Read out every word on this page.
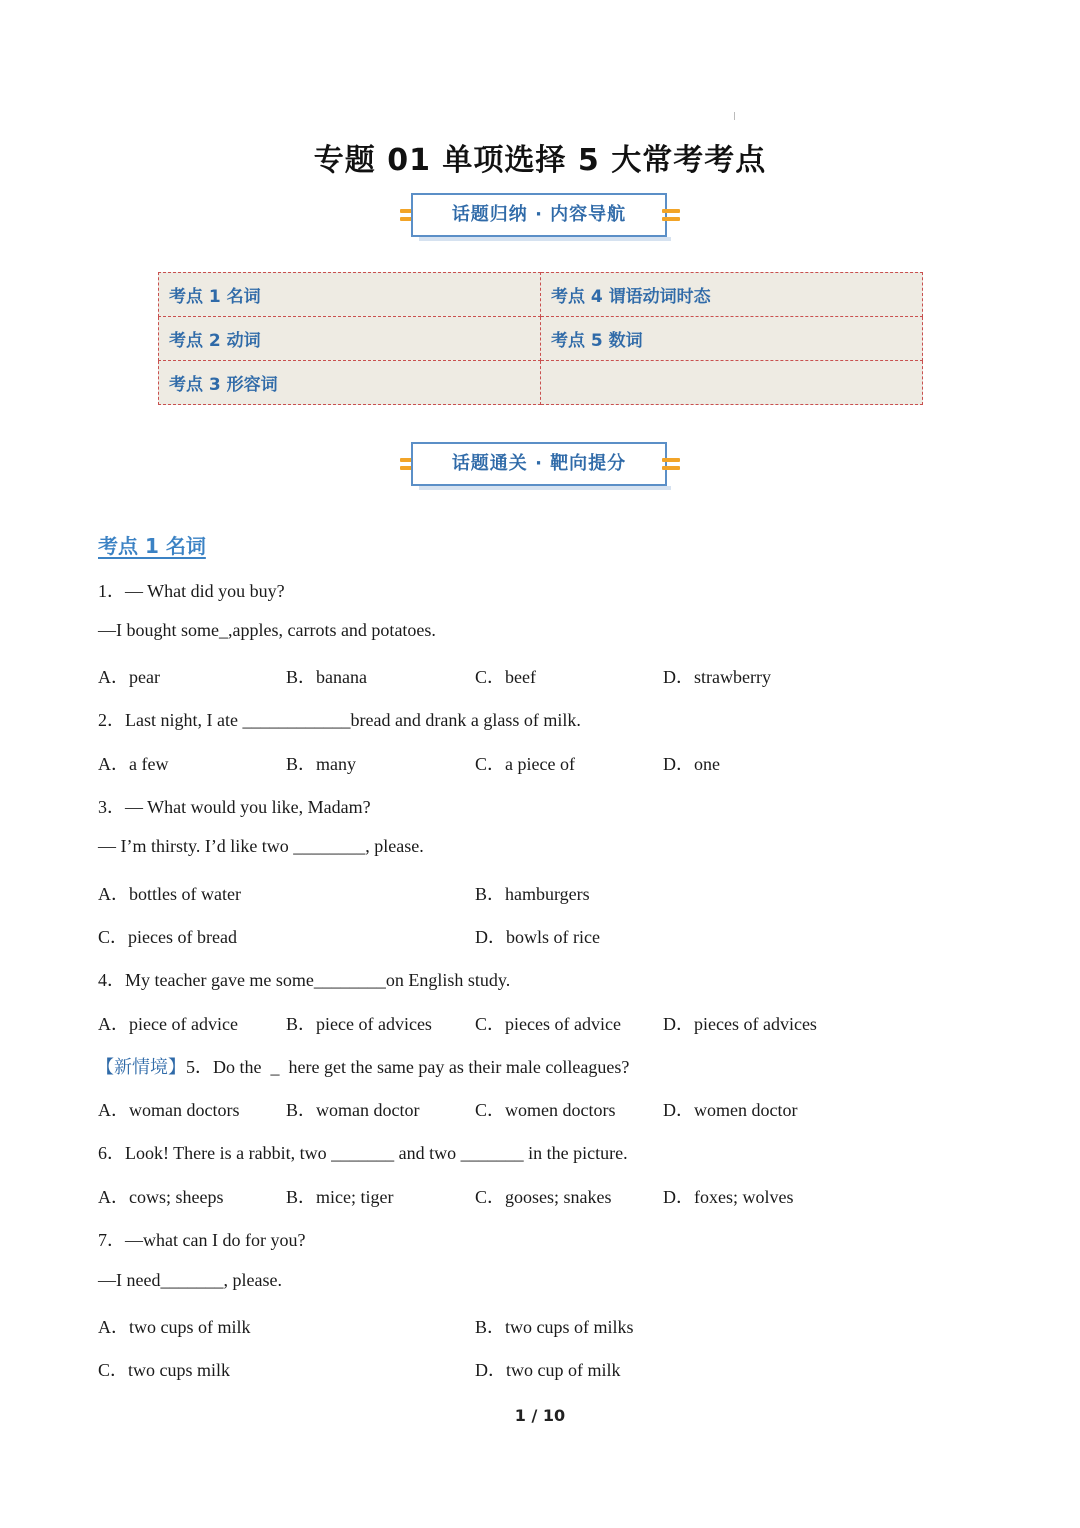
专题 01 单项选择 5 大常考考点
话题归纳 · 内容导航
考点 1 名词	考点 4 谓语动词时态
考点 2 动词	考点 5 数词
考点 3 形容词	
话题通关 · 靶向提分
考点 1 名词
1．— What did you buy?
—I bought some_,apples, carrots and potatoes.
A．pear	B．banana	C．beef	D．strawberry
2．Last night, I ate ____________bread and drank a glass of milk.
A．a few	B．many	C．a piece of	D．one
3．— What would you like, Madam?
— I’m thirsty. I’d like two ________, please.
A．bottles of water	B．hamburgers
C．pieces of bread	D．bowls of rice
4．My teacher gave me some________on English study.
A．piece of advice	B．piece of advices C．pieces of advice D．pieces of advices
【新情境】5．Do the  _  here get the same pay as their male colleagues?
A．woman doctors	B．woman doctor	C．women doctors	D．women doctor
6．Look! There is a rabbit, two _______ and two _______ in the picture.
A．cows; sheeps	B．mice; tiger	C．gooses; snakes	D．foxes; wolves
7．—what can I do for you?
—I need_______, please.
A．two cups of milk	B．two cups of milks
C．two cups milk	D．two cup of milk
1 / 10
